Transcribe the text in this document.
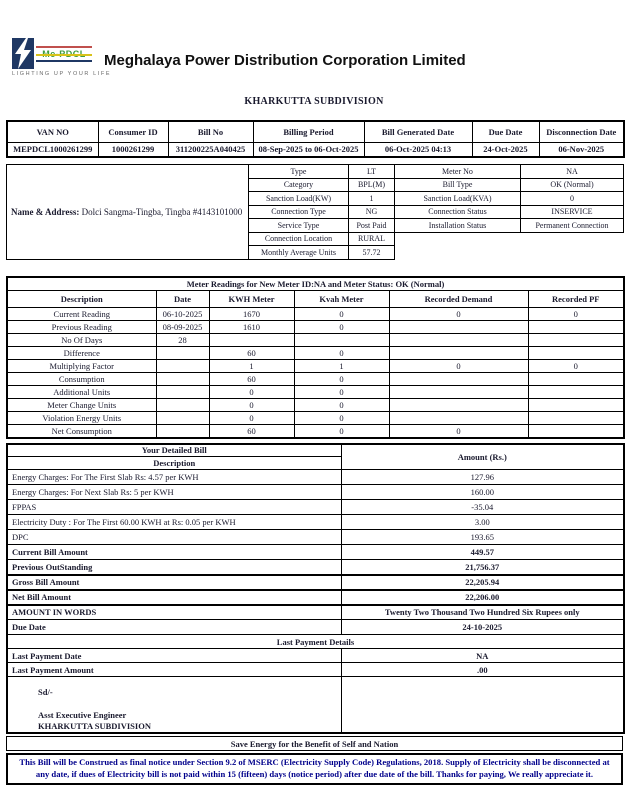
LIGHTING UP YOUR LIFE
Meghalaya Power Distribution Corporation Limited
KHARKUTTA SUBDIVISION
VAN NO	Consumer ID	Bill No	Billing Period	Bill Generated Date	Due Date	Disconnection Date
MEPDCL1000261299	1000261299	311200225A040425	08-Sep-2025 to 06-Oct-2025	06-Oct-2025 04:13	24-Oct-2025	06-Nov-2025
Name & Address: Dolci Sangma-Tingba, Tingba #4143101000	Type	LT	Meter No	NA
	Category	BPL(M)	Bill Type	OK (Normal)
	Sanction Load(KW)	1	Sanction Load(KVA)	0
	Connection Type	NG	Connection Status	INSERVICE
	Service Type	Post Paid	Installation Status	Permanent Connection
	Connection Location	RURAL		
	Monthly Average Units	57.72		
Meter Readings for New Meter ID:NA and Meter Status: OK (Normal)					
Description	Date	KWH Meter	Kvah Meter	Recorded Demand	Recorded PF
Current Reading	06-10-2025	1670	0	0	0
Previous Reading	08-09-2025	1610	0		
No Of Days	28				
Difference		60	0		
Multiplying Factor		1	1	0	0
Consumption		60	0		
Additional Units		0	0		
Meter Change Units		0	0		
Violation Energy Units		0	0		
Net Consumption		60	0	0	
Your Detailed Bill	Amount (Rs.)
Description	
Energy Charges: For The First Slab Rs: 4.57 per KWH	127.96
Energy Charges: For Next Slab Rs: 5 per KWH	160.00
FPPAS	-35.04
Electricity Duty : For The First 60.00 KWH at Rs: 0.05 per KWH	3.00
DPC	193.65
Current Bill Amount	449.57
Previous OutStanding	21,756.37
Gross Bill Amount	22,205.94
Net Bill Amount	22,206.00
AMOUNT IN WORDS	Twenty Two Thousand Two Hundred Six Rupees only
Due Date	24-10-2025
Last Payment Details	
Last Payment Date	NA
Last Payment Amount	.00

Sd/-
Asst Executive Engineer
KHARKUTTA SUBDIVISION	

Save Energy for the Benefit of Self and Nation
This Bill will be Construed as final notice under Section 9.2 of MSERC (Electricity Supply Code) Regulations, 2018. Supply of Electricity shall be disconnected at any date, if dues of Electricity bill is not paid within 15 (fifteen) days (notice period) after due date of the bill. Thanks for paying, We really appreciate it.
